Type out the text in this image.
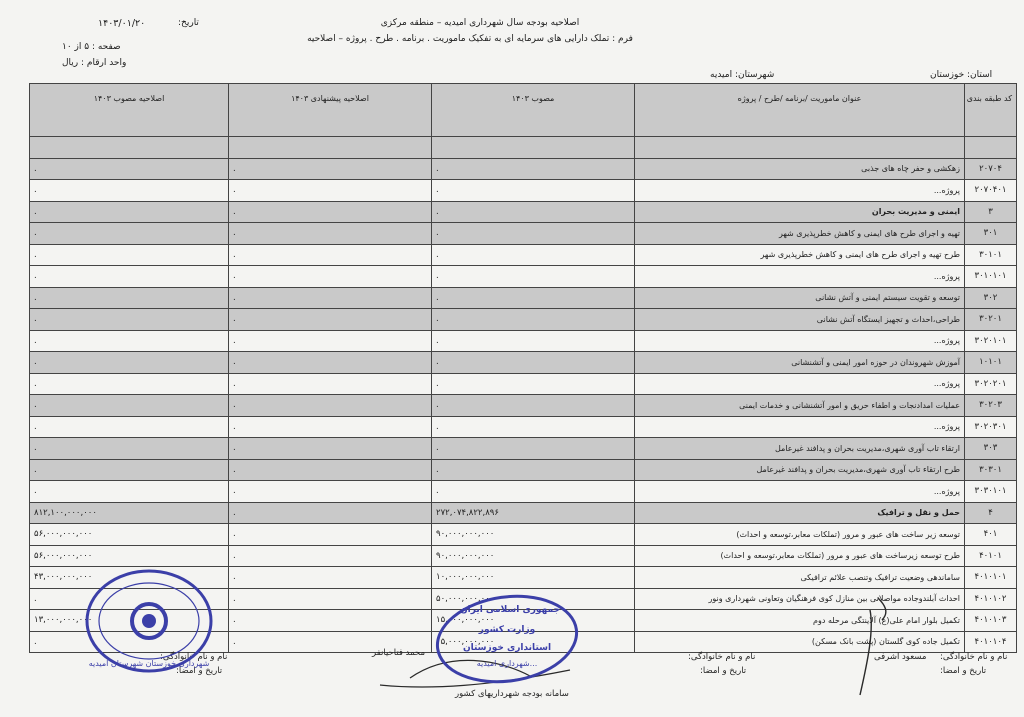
اصلاحیه بودجه سال شهرداری امیدیه – منطقه مرکزی
فرم : تملک دارایی های سرمایه ای به تفکیک ماموریت . برنامه . طرح . پروژه – اصلاحیه
تاریخ:
۱۴۰۳/۰۱/۲۰
صفحه : ۵ از ۱۰
واحد ارقام : ریال
استان: خوزستان
شهرستان: امیدیه
کد طبقه بندی	عنوان ماموریت /برنامه /طرح / پروژه	مصوب ۱۴۰۳	اصلاحیه پیشنهادی ۱۴۰۳	اصلاحیه مصوب ۱۴۰۳

۲۰۷۰۴	زهکشی و حفر چاه های جذبی	.	.	.
۲۰۷۰۴۰۱	پروژه...	.	.	.
۳	ایمنی و مدیریت بحران	.	.	.
۳۰۱	تهیه و اجرای طرح های ایمنی و کاهش خطرپذیری شهر	.	.	.
۳۰۱۰۱	طرح تهیه و اجرای طرح های ایمنی و کاهش خطرپذیری شهر	.	.	.
۳۰۱۰۱۰۱	پروژه...	.	.	.
۳۰۲	توسعه و تقویت سیستم ایمنی و آتش نشانی	.	.	.
۳۰۲۰۱	طراحی،احداث و تجهیز ایستگاه آتش نشانی	.	.	.
۳۰۲۰۱۰۱	پروژه...	.	.	.
۱۰۱۰۱	آموزش شهروندان در حوزه امور ایمنی و آتشنشانی	.	.	.
۳۰۲۰۲۰۱	پروژه...	.	.	.
۳۰۲۰۳	عملیات امدادنجات و اطفاء حریق و امور آتشنشانی و خدمات ایمنی	.	.	.
۳۰۲۰۳۰۱	پروژه...	.	.	.
۳۰۳	ارتقاء تاب آوری شهری،مدیریت بحران و پدافند غیرعامل	.	.	.
۳۰۳۰۱	طرح ارتقاء تاب آوری شهری،مدیریت بحران و پدافند غیرعامل	.	.	.
۳۰۳۰۱۰۱	پروژه...	.	.	.
۴	حمل و نقل و ترافیک	۲۷۲,۰۷۴,۸۲۲,۸۹۶	.	۸۱۲,۱۰۰,۰۰۰,۰۰۰
۴۰۱	توسعه زیر ساخت های عبور و مرور (تملکات معابر،توسعه و احداث)	۹۰,۰۰۰,۰۰۰,۰۰۰	.	۵۶,۰۰۰,۰۰۰,۰۰۰
۴۰۱۰۱	طرح توسعه زیرساخت های عبور و مرور (تملکات معابر،توسعه و احداث)	۹۰,۰۰۰,۰۰۰,۰۰۰	.	۵۶,۰۰۰,۰۰۰,۰۰۰
۴۰۱۰۱۰۱	ساماندهی وضعیت ترافیک وتنصب علائم ترافیکی	۱۰,۰۰۰,۰۰۰,۰۰۰	.	۴۳,۰۰۰,۰۰۰,۰۰۰
۴۰۱۰۱۰۲	احداث آبلندوجاده مواصلاتی بین منازل کوی فرهنگیان وتعاونی شهرداری ونور	۵۰,۰۰۰,۰۰۰,۰۰۰	.	.
۴۰۱۰۱۰۳	تکمیل بلوار امام علی(ع) آلاینتگی مرحله دوم	۱۵,۰۰۰,۰۰۰,۰۰۰	.	۱۳,۰۰۰,۰۰۰,۰۰۰
۴۰۱۰۱۰۴	تکمیل جاده کوی گلستان (پشت بانک مسکن)	۱۵,۰۰۰,۰۰۰,۰۰۰	.	.
نام و نام خانوادگی:
مسعود اشرفی
تاریخ و امضا:
نام و نام خانوادگی:
تاریخ و امضا:
محمد فتاحیانفر
نام و نام خانوادگی:
تاریخ و امضا:
سامانه بودجه شهرداریهای کشور
شهرداری خوزستان شهرستان امیدیه
جمهوری اسلامی ایران
وزارت کشور
استانداری خوزستان
شهرداری امیدیه...
